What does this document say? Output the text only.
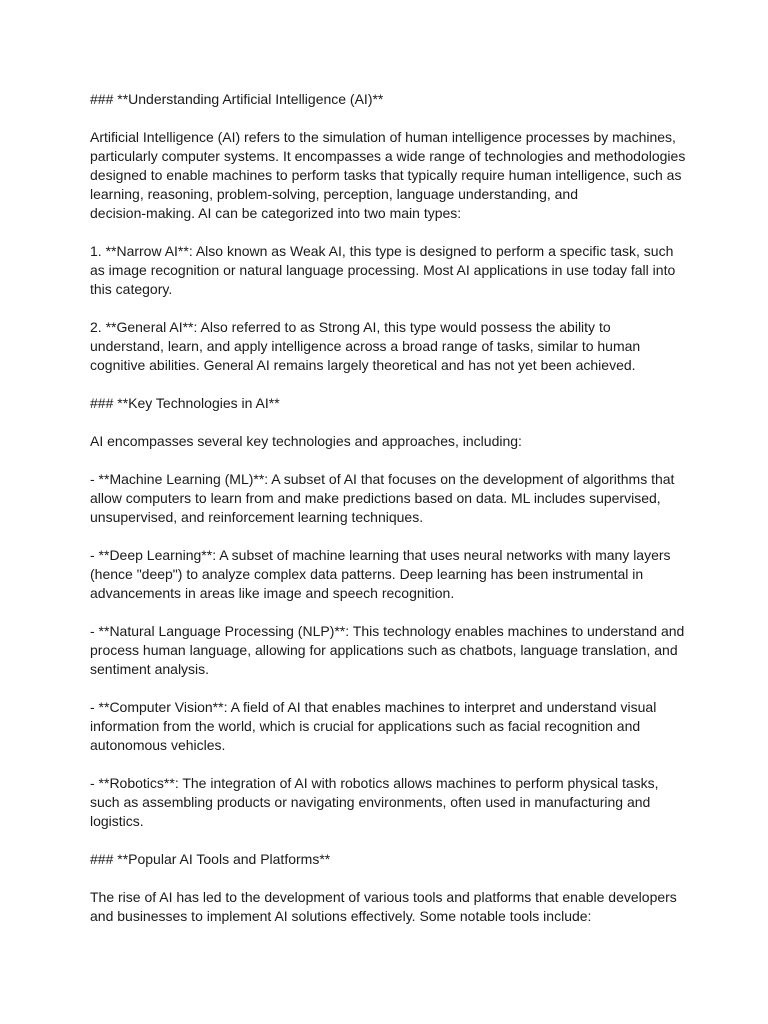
### **Understanding Artificial Intelligence (AI)**

Artificial Intelligence (AI) refers to the simulation of human intelligence processes by machines,
particularly computer systems. It encompasses a wide range of technologies and methodologies
designed to enable machines to perform tasks that typically require human intelligence, such as
learning, reasoning, problem-solving, perception, language understanding, and
decision-making. AI can be categorized into two main types:

1. **Narrow AI**: Also known as Weak AI, this type is designed to perform a specific task, such
as image recognition or natural language processing. Most AI applications in use today fall into
this category.

2. **General AI**: Also referred to as Strong AI, this type would possess the ability to
understand, learn, and apply intelligence across a broad range of tasks, similar to human
cognitive abilities. General AI remains largely theoretical and has not yet been achieved.

### **Key Technologies in AI**

AI encompasses several key technologies and approaches, including:

- **Machine Learning (ML)**: A subset of AI that focuses on the development of algorithms that
allow computers to learn from and make predictions based on data. ML includes supervised,
unsupervised, and reinforcement learning techniques.

- **Deep Learning**: A subset of machine learning that uses neural networks with many layers
(hence "deep") to analyze complex data patterns. Deep learning has been instrumental in
advancements in areas like image and speech recognition.

- **Natural Language Processing (NLP)**: This technology enables machines to understand and
process human language, allowing for applications such as chatbots, language translation, and
sentiment analysis.

- **Computer Vision**: A field of AI that enables machines to interpret and understand visual
information from the world, which is crucial for applications such as facial recognition and
autonomous vehicles.

- **Robotics**: The integration of AI with robotics allows machines to perform physical tasks,
such as assembling products or navigating environments, often used in manufacturing and
logistics.

### **Popular AI Tools and Platforms**

The rise of AI has led to the development of various tools and platforms that enable developers
and businesses to implement AI solutions effectively. Some notable tools include:
